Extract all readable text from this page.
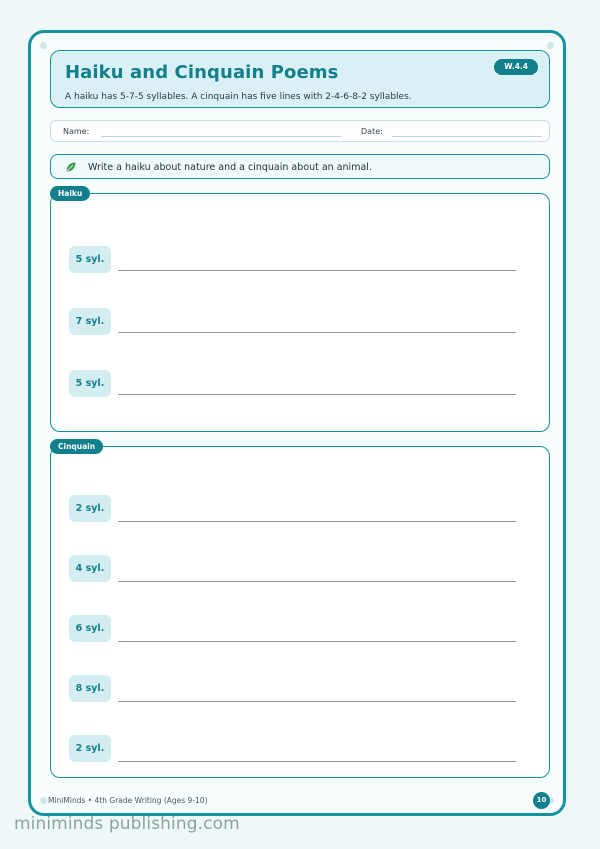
Haiku and Cinquain Poems
A haiku has 5-7-5 syllables. A cinquain has five lines with 2-4-6-8-2 syllables.
W.4.4
Name:	Date:
Write a haiku about nature and a cinquain about an animal.
Haiku
5 syl.
7 syl.
5 syl.
Cinquain
2 syl.
4 syl.
6 syl.
8 syl.
2 syl.
MiniMinds • 4th Grade Writing (Ages 9-10)	10
miniminds publishing.com
